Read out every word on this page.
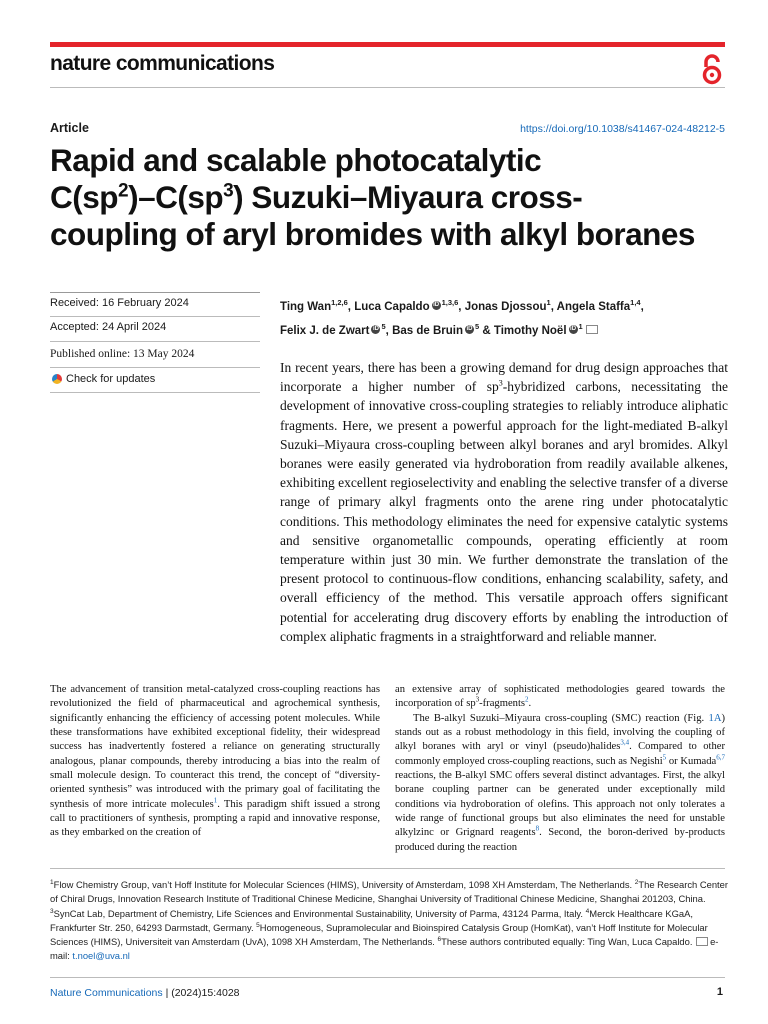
nature communications
Article	https://doi.org/10.1038/s41467-024-48212-5
Rapid and scalable photocatalytic
$C(sp^2)-C(sp^3)$ Suzuki–Miyaura cross-
coupling of aryl bromides with alkyl boranes
Received: 16 February 2024
Accepted: 24 April 2024
Published online: 13 May 2024
Check for updates
Ting Wan$^{1,2,6}$, Luca Capaldo iD $^{1,3,6}$, Jonas Djossou$^1$, Angela Staffa$^{1,4}$,
Felix J. de Zwart iD $^5$, Bas de Bruin iD $^5$ & Timothy Noël iD $^1$
In recent years, there has been a growing demand for drug design approaches that incorporate a higher number of $sp^3$-hybridized carbons, necessitating the development of innovative cross-coupling strategies to reliably introduce aliphatic fragments. Here, we present a powerful approach for the light-mediated B-alkyl Suzuki–Miyaura cross-coupling between alkyl boranes and aryl bromides. Alkyl boranes were easily generated via hydroboration from readily available alkenes, exhibiting excellent regioselectivity and enabling the selective transfer of a diverse range of primary alkyl fragments onto the arene ring under photocatalytic conditions. This methodology eliminates the need for expensive catalytic systems and sensitive organometallic compounds, operating efficiently at room temperature within just 30 min. We further demonstrate the translation of the present protocol to continuous-flow conditions, enhancing scalability, safety, and overall efficiency of the method. This versatile approach offers significant potential for accelerating drug discovery efforts by enabling the introduction of complex aliphatic fragments in a straightforward and reliable manner.
The advancement of transition metal-catalyzed cross-coupling reactions has revolutionized the field of pharmaceutical and agrochemical synthesis, significantly enhancing the efficiency of accessing potent molecules. While these transformations have exhibited exceptional fidelity, their widespread success has inadvertently fostered a reliance on generating structurally analogous, planar compounds, thereby introducing a bias into the realm of small molecule design. To counteract this trend, the concept of “diversity-oriented synthesis” was introduced with the primary goal of facilitating the synthesis of more intricate molecules$^1$. This paradigm shift issued a strong call to practitioners of synthesis, prompting a rapid and innovative response, as they embarked on the creation of
an extensive array of sophisticated methodologies geared towards the incorporation of $sp^3-fragments^2$.
The B-alkyl Suzuki–Miyaura cross-coupling (SMC) reaction (Fig. 1A) stands out as a robust methodology in this field, involving the coupling of alkyl boranes with aryl or vinyl (pseudo)halides$^{3,4}$. Compared to other commonly employed cross-coupling reactions, such as Negishi$^5$ or Kumada$^{6,7}$ reactions, the B-alkyl SMC offers several distinct advantages. First, the alkyl borane coupling partner can be generated under exceptionally mild conditions via hydroboration of olefins. This approach not only tolerates a wide range of functional groups but also eliminates the need for unstable alkylzinc or Grignard reagents$^8$. Second, the boron-derived by-products produced during the reaction
$^1$Flow Chemistry Group, van’t Hoff Institute for Molecular Sciences (HIMS), University of Amsterdam, 1098 XH Amsterdam, The Netherlands. $^2$The Research Center of Chiral Drugs, Innovation Research Institute of Traditional Chinese Medicine, Shanghai University of Traditional Chinese Medicine, Shanghai 201203, China. $^3$SynCat Lab, Department of Chemistry, Life Sciences and Environmental Sustainability, University of Parma, 43124 Parma, Italy. $^4$Merck Healthcare KGaA, Frankfurter Str. 250, 64293 Darmstadt, Germany. $^5$Homogeneous, Supramolecular and Bioinspired Catalysis Group (HomKat), van’t Hoff Institute for Molecular Sciences (HIMS), Universiteit van Amsterdam (UvA), 1098 XH Amsterdam, The Netherlands. $^6$These authors contributed equally: Ting Wan, Luca Capaldo. e-mail: t.noel@uva.nl
Nature Communications | (2024)15:4028	1
